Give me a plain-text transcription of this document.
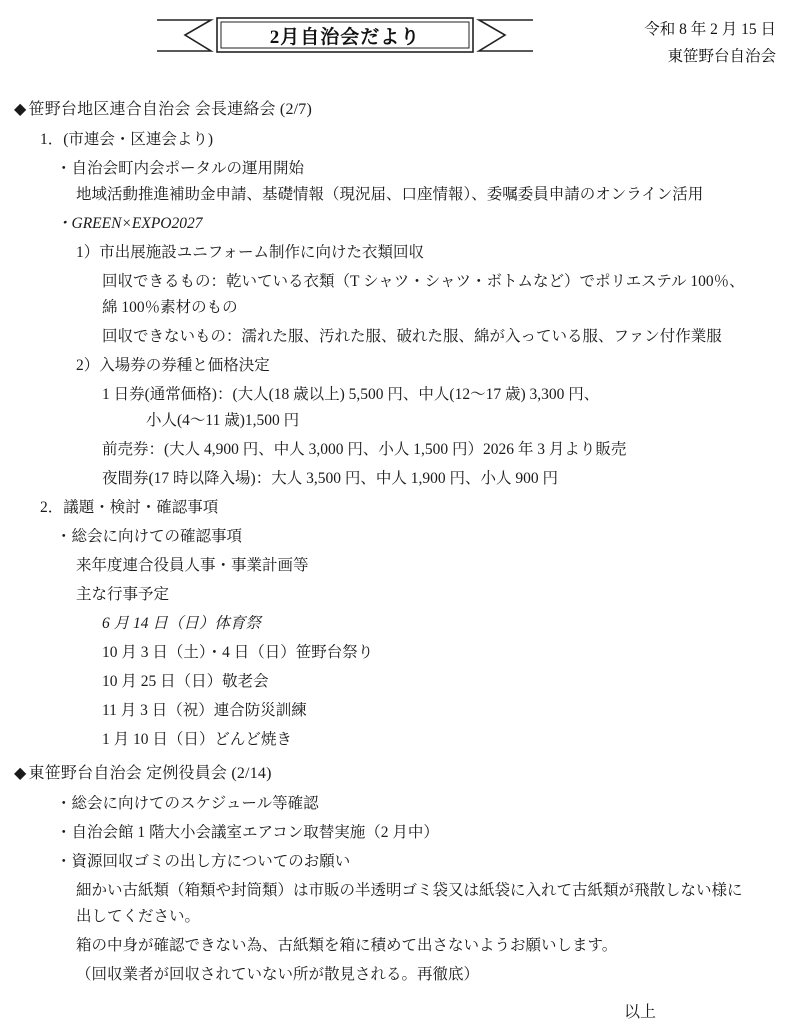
2月自治会だより	令和 8 年 2 月 15 日
東笹野台自治会
◆ 笹野台地区連合自治会 会長連絡会 (2/7)
1．(市連会・区連会より)
・自治会町内会ポータルの運用開始
地域活動推進補助金申請、基礎情報（現況届、口座情報）、委嘱委員申請のオンライン活用
・GREEN×EXPO2027
1）市出展施設ユニフォーム制作に向けた衣類回収
回収できるもの：乾いている衣類（T シャツ・シャツ・ボトムなど）でポリエステル 100％、
綿 100％素材のもの
回収できないもの：濡れた服、汚れた服、破れた服、綿が入っている服、ファン付作業服
2）入場券の券種と価格決定
1 日券(通常価格)：(大人(18 歳以上) 5,500 円、中人(12〜17 歳) 3,300 円、
小人(4〜11 歳)1,500 円
前売券：(大人 4,900 円、中人 3,000 円、小人 1,500 円）2026 年 3 月より販売
夜間券(17 時以降入場)：大人 3,500 円、中人 1,900 円、小人 900 円
2．議題・検討・確認事項
・総会に向けての確認事項
来年度連合役員人事・事業計画等
主な行事予定
6 月 14 日（日）体育祭
10 月 3 日（土）・4 日（日）笹野台祭り
10 月 25 日（日）敬老会
11 月 3 日（祝）連合防災訓練
1 月 10 日（日）どんど焼き
◆ 東笹野台自治会 定例役員会 (2/14)
・総会に向けてのスケジュール等確認
・自治会館 1 階大小会議室エアコン取替実施（2 月中）
・資源回収ゴミの出し方についてのお願い
細かい古紙類（箱類や封筒類）は市販の半透明ゴミ袋又は紙袋に入れて古紙類が飛散しない様に
出してください。
箱の中身が確認できない為、古紙類を箱に積めて出さないようお願いします。
（回収業者が回収されていない所が散見される。再徹底）
以上
